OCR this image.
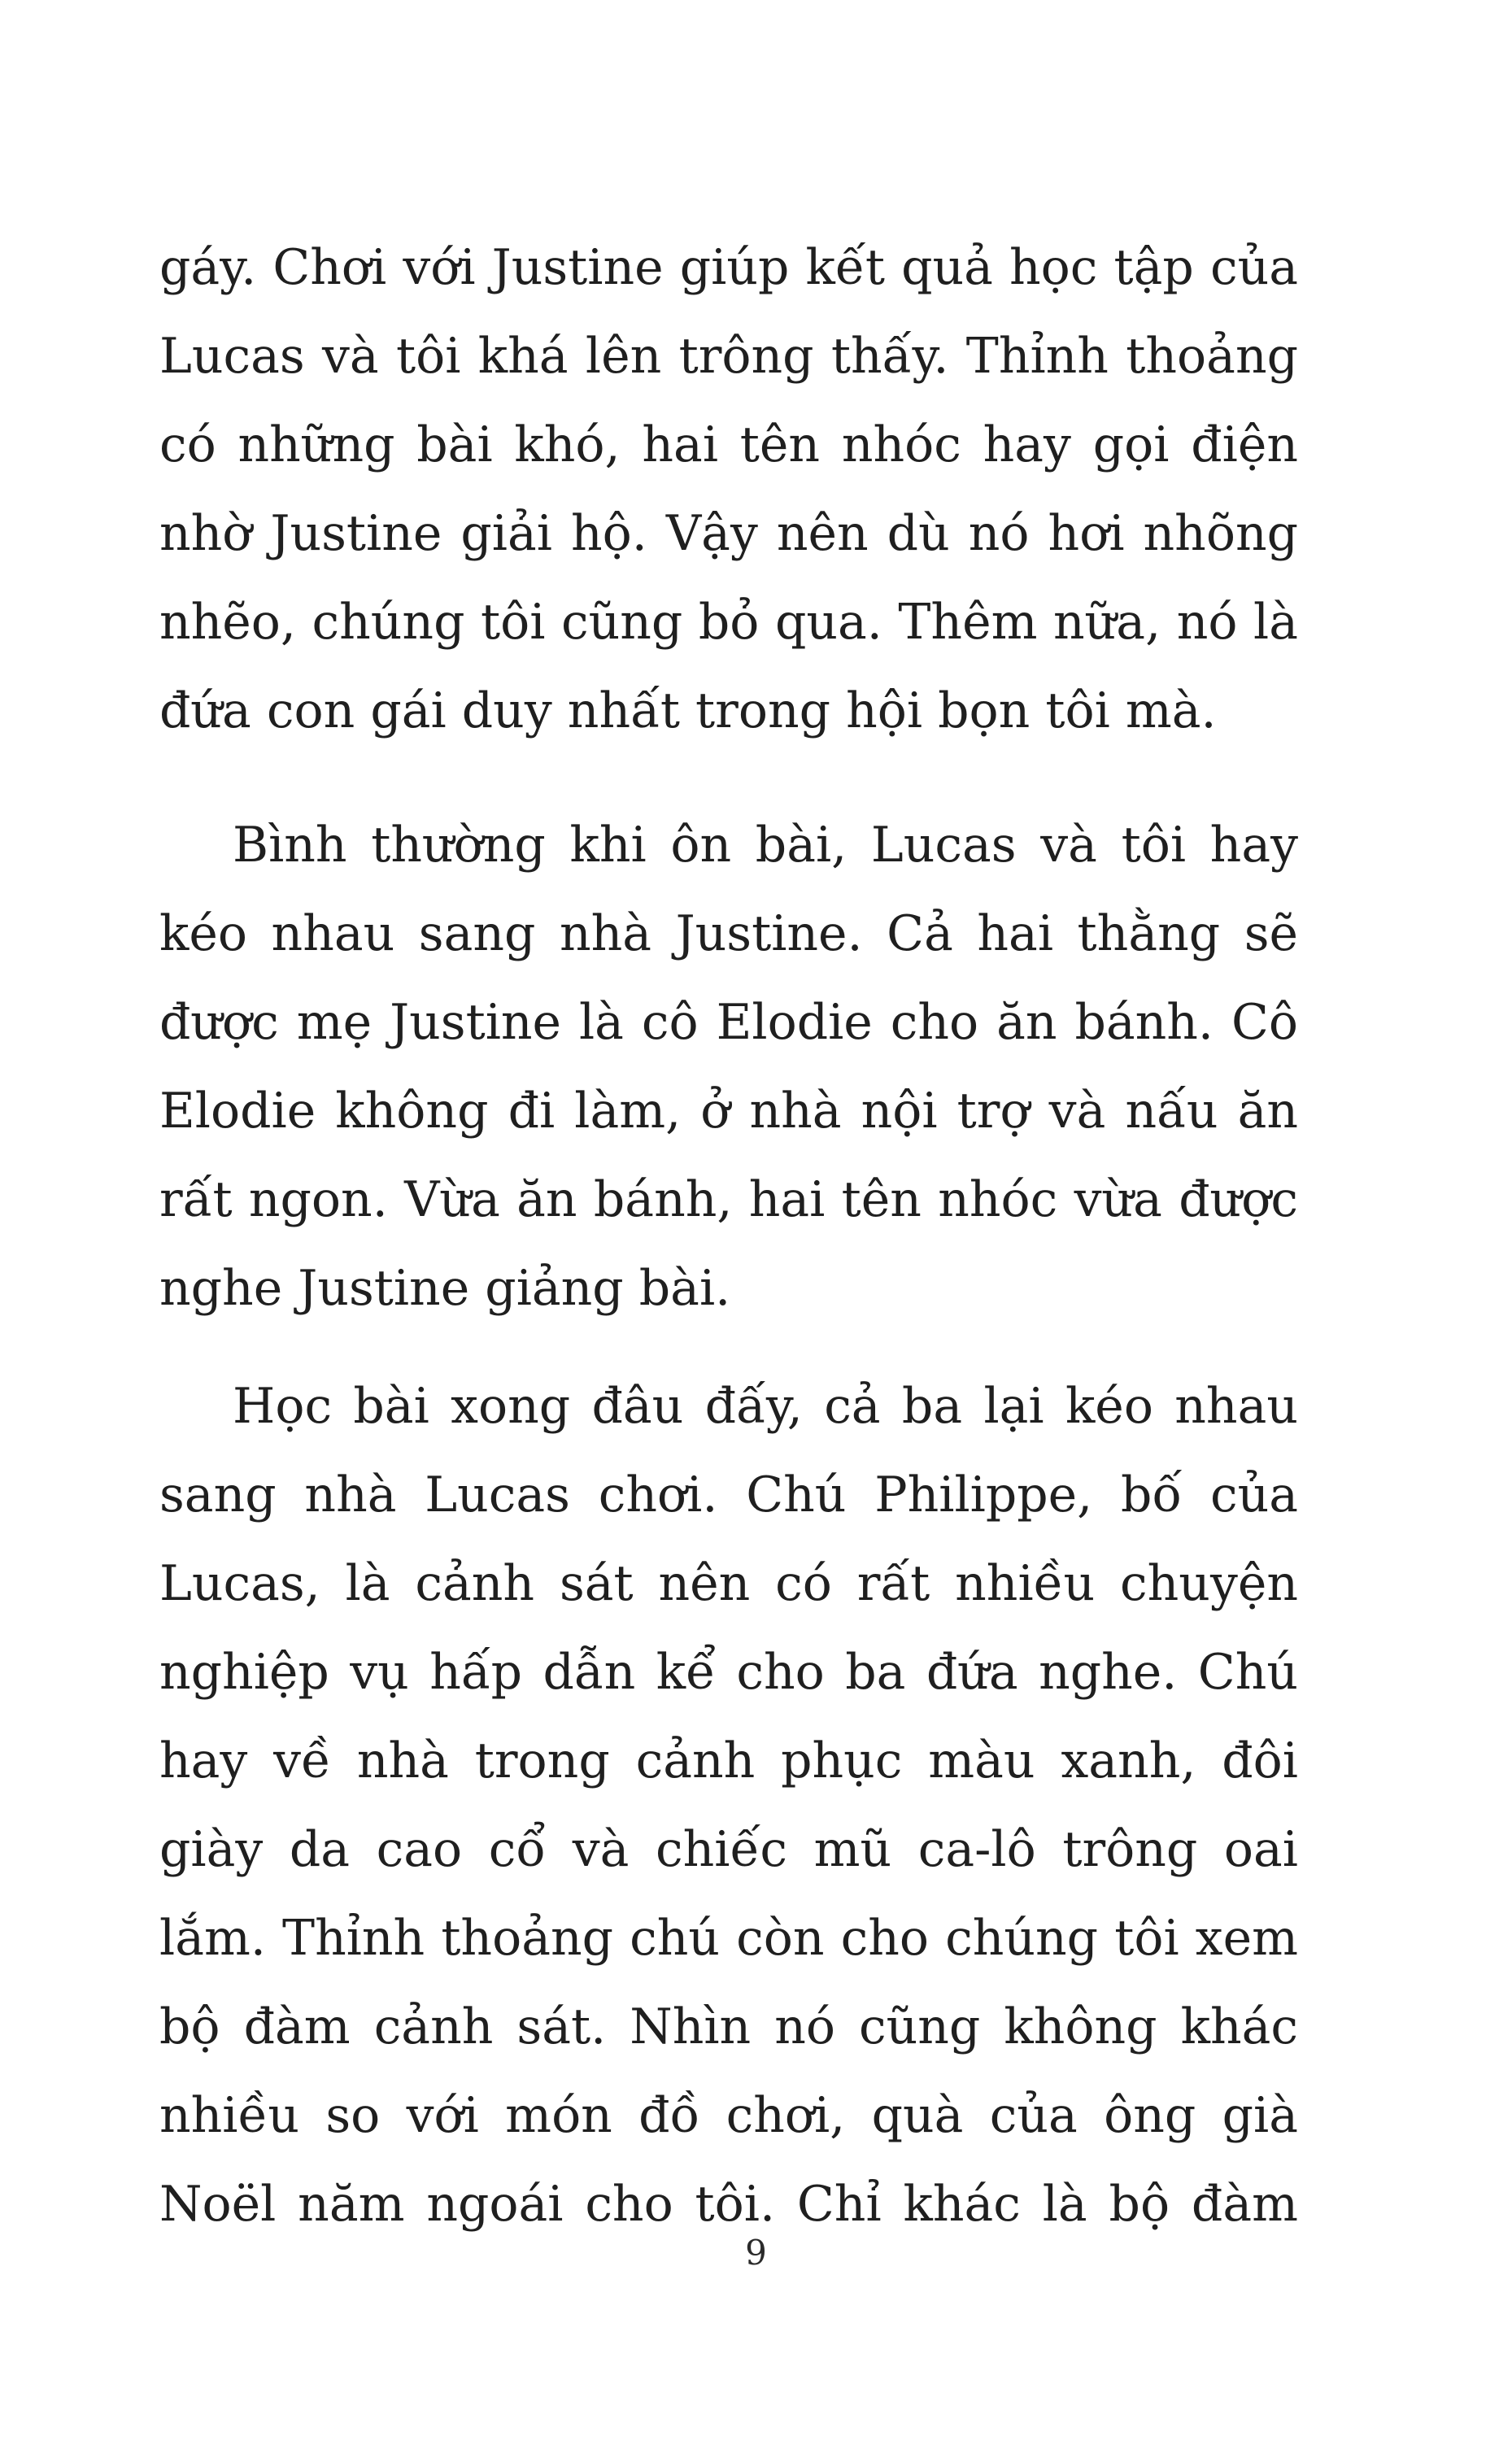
gáy. Chơi với Justine giúp kết quả học tập của
Lucas và tôi khá lên trông thấy. Thỉnh thoảng
có những bài khó, hai tên nhóc hay gọi điện
nhờ Justine giải hộ. Vậy nên dù nó hơi nhõng
nhẽo, chúng tôi cũng bỏ qua. Thêm nữa, nó là
đứa con gái duy nhất trong hội bọn tôi mà.
Bình thường khi ôn bài, Lucas và tôi hay
kéo nhau sang nhà Justine. Cả hai thằng sẽ
được mẹ Justine là cô Elodie cho ăn bánh. Cô
Elodie không đi làm, ở nhà nội trợ và nấu ăn
rất ngon. Vừa ăn bánh, hai tên nhóc vừa được
nghe Justine giảng bài.
Học bài xong đâu đấy, cả ba lại kéo nhau
sang nhà Lucas chơi. Chú Philippe, bố của
Lucas, là cảnh sát nên có rất nhiều chuyện
nghiệp vụ hấp dẫn kể cho ba đứa nghe. Chú
hay về nhà trong cảnh phục màu xanh, đôi
giày da cao cổ và chiếc mũ ca-lô trông oai
lắm. Thỉnh thoảng chú còn cho chúng tôi xem
bộ đàm cảnh sát. Nhìn nó cũng không khác
nhiều so với món đồ chơi, quà của ông già
Noël năm ngoái cho tôi. Chỉ khác là bộ đàm
9
